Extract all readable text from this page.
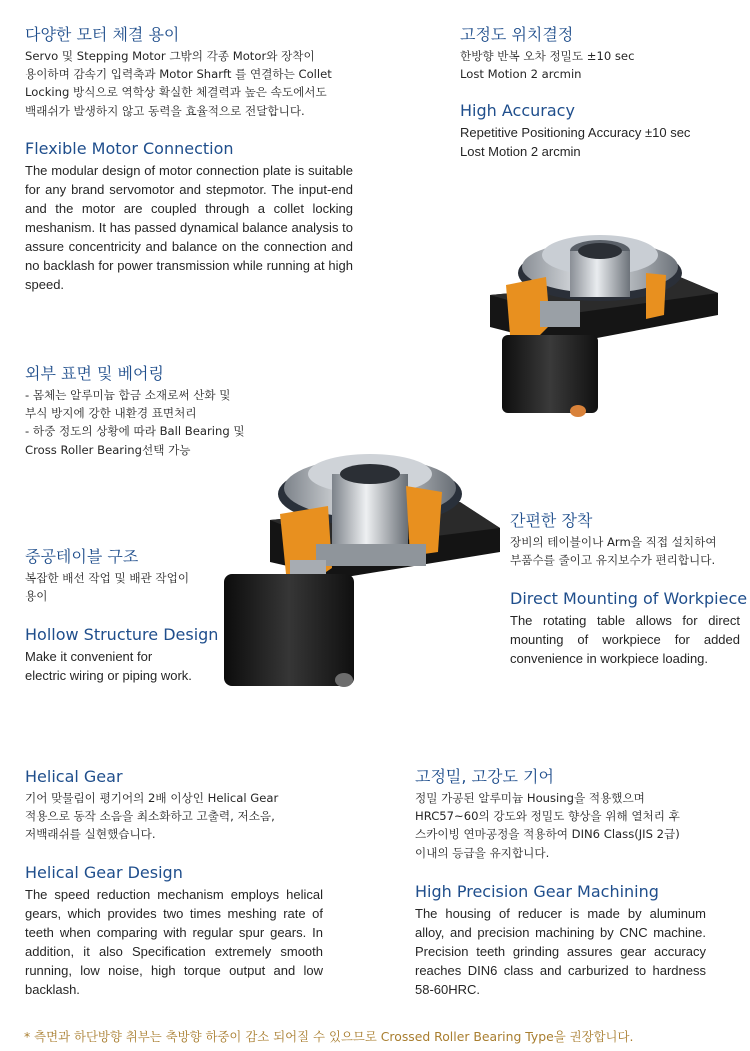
다양한 모터 체결 용이

Servo 및 Stepping Motor 그밖의 각종 Motor와 장착이
용이하며 감속기 입력축과 Motor Sharft 를 연결하는 Collet
Locking 방식으로 역학상 확실한 체결력과 높은 속도에서도
백래쉬가 발생하지 않고 동력을 효율적으로 전달합니다.

Flexible Motor Connection

The modular design of motor connection plate is suitable for any brand servomotor and stepmotor. The input-end and the motor are coupled through a collet locking meshanism. It has passed dynamical balance analysis to assure concentricity and balance on the connection and no backlash for power transmission while running at high speed.

고정도 위치결정

한방향 반복 오차 정밀도 ±10 sec
Lost Motion 2 arcmin

High Accuracy

Repetitive Positioning Accuracy ±10 sec
Lost Motion 2 arcmin

외부 표면 및 베어링

- 몸체는 알루미늄 합금 소재로써 산화 및
부식 방지에 강한 내환경 표면처리
- 하중 정도의 상황에 따라 Ball Bearing 및
Cross Roller Bearing선택 가능

간편한 장착

장비의 테이블이나 Arm을 직접 설치하여
부품수를 줄이고 유지보수가 편리합니다.

Direct Mounting of Workpiece

The rotating table allows for direct mounting of workpiece for added convenience in workpiece loading.

중공테이블 구조

복잡한 배선 작업 및 배관 작업이
용이

Hollow Structure Design

Make it convenient for
electric wiring or piping work.

Helical Gear

기어 맞물림이 평기어의 2배 이상인 Helical Gear
적용으로 동작 소음을 최소화하고 고출력, 저소음,
저백래쉬를 실현했습니다.

Helical Gear Design

The speed reduction mechanism employs helical gears, which provides two times meshing rate of teeth when comparing with regular spur gears. In addition, it also Specification extremely smooth running, low noise, high torque output and low backlash.

고정밀, 고강도 기어

정밀 가공된 알루미늄 Housing을 적용했으며
HRC57~60의 강도와 정밀도 향상을 위해 열처리 후
스카이빙 연마공정을 적용하여 DIN6 Class(JIS 2급)
이내의 등급을 유지합니다.

High Precision Gear Machining

The housing of reducer is made by aluminum alloy, and precision machining by CNC machine. Precision teeth grinding assures gear accuracy reaches DIN6 class and carburized to hardness 58-60HRC.

* 측면과 하단방향 취부는 축방향 하중이 감소 되어질 수 있으므로 Crossed Roller Bearing Type을 권장합니다.
